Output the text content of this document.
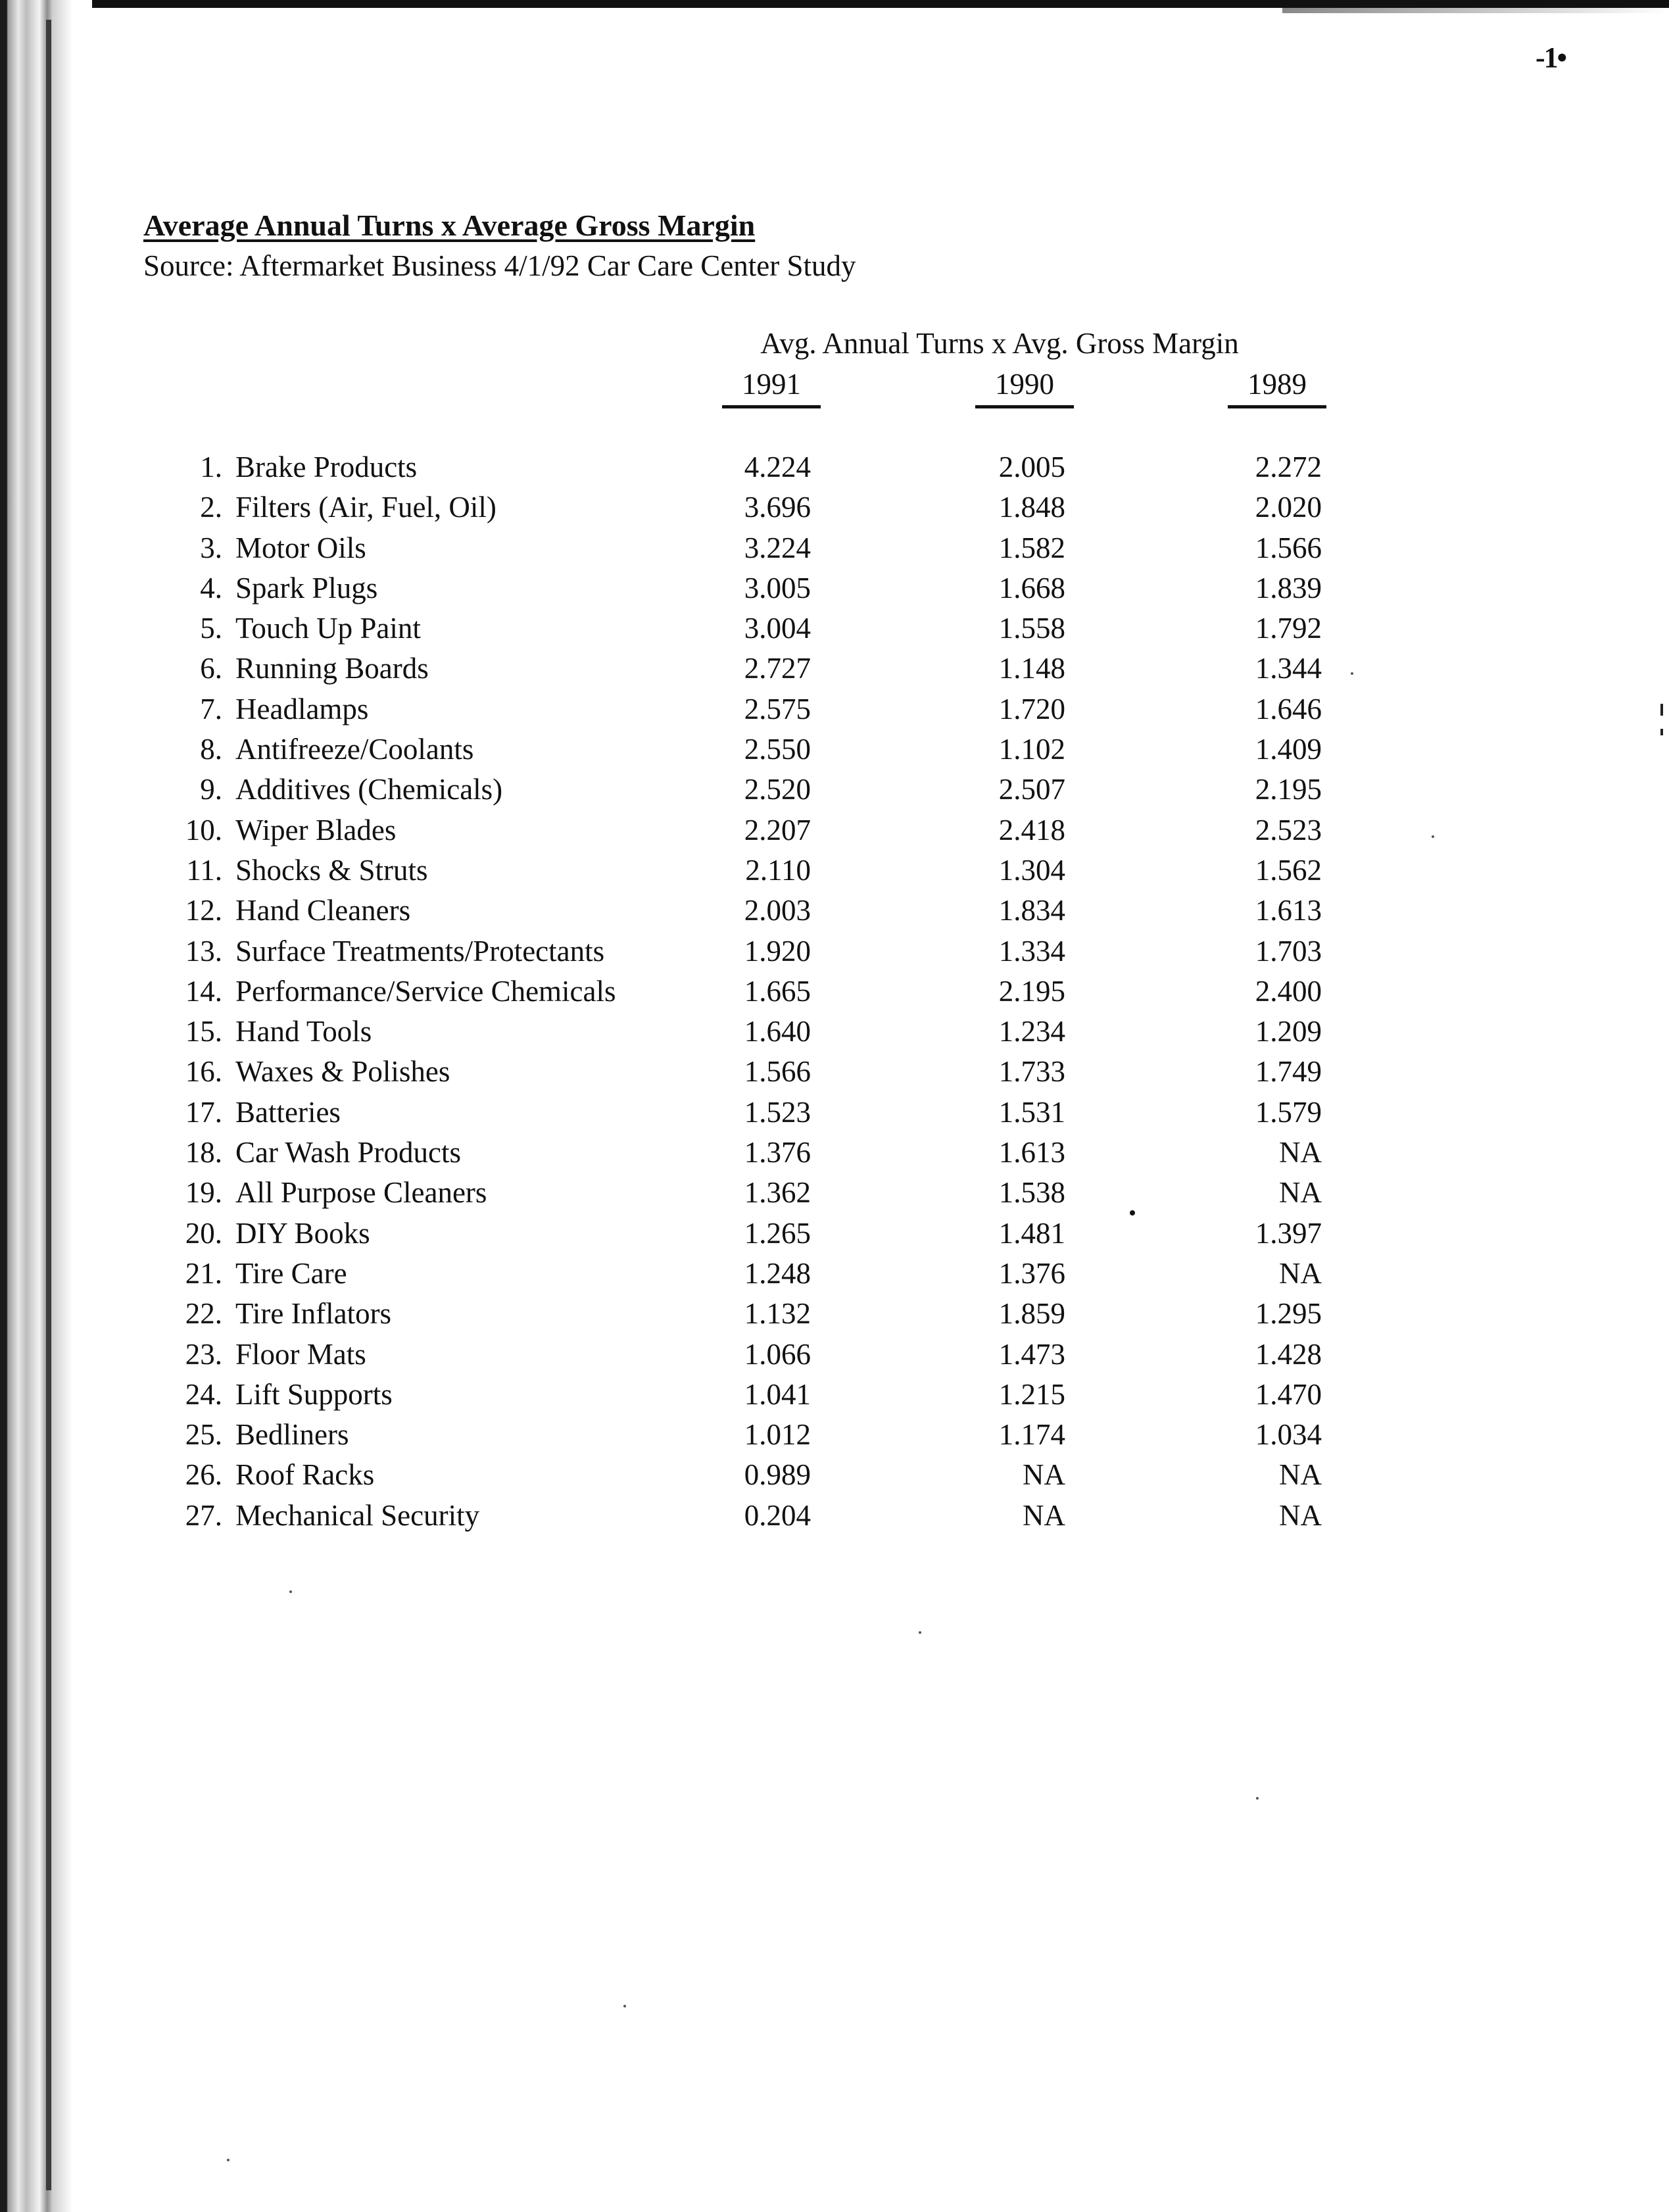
-1•
Average Annual Turns x Average Gross Margin
Source: Aftermarket Business 4/1/92 Car Care Center Study
Avg. Annual Turns x Avg. Gross Margin
1991	1990	1989
1. Brake Products	4.224	2.005	2.272
2. Filters (Air, Fuel, Oil)	3.696	1.848	2.020
3. Motor Oils	3.224	1.582	1.566
4. Spark Plugs	3.005	1.668	1.839
5. Touch Up Paint	3.004	1.558	1.792
6. Running Boards	2.727	1.148	1.344
7. Headlamps	2.575	1.720	1.646
8. Antifreeze/Coolants	2.550	1.102	1.409
9. Additives (Chemicals)	2.520	2.507	2.195
10. Wiper Blades	2.207	2.418	2.523
11. Shocks & Struts	2.110	1.304	1.562
12. Hand Cleaners	2.003	1.834	1.613
13. Surface Treatments/Protectants	1.920	1.334	1.703
14. Performance/Service Chemicals	1.665	2.195	2.400
15. Hand Tools	1.640	1.234	1.209
16. Waxes & Polishes	1.566	1.733	1.749
17. Batteries	1.523	1.531	1.579
18. Car Wash Products	1.376	1.613	NA
19. All Purpose Cleaners	1.362	1.538	NA
20. DIY Books	1.265	1.481	1.397
21. Tire Care	1.248	1.376	NA
22. Tire Inflators	1.132	1.859	1.295
23. Floor Mats	1.066	1.473	1.428
24. Lift Supports	1.041	1.215	1.470
25. Bedliners	1.012	1.174	1.034
26. Roof Racks	0.989	NA	NA
27. Mechanical Security	0.204	NA	NA
